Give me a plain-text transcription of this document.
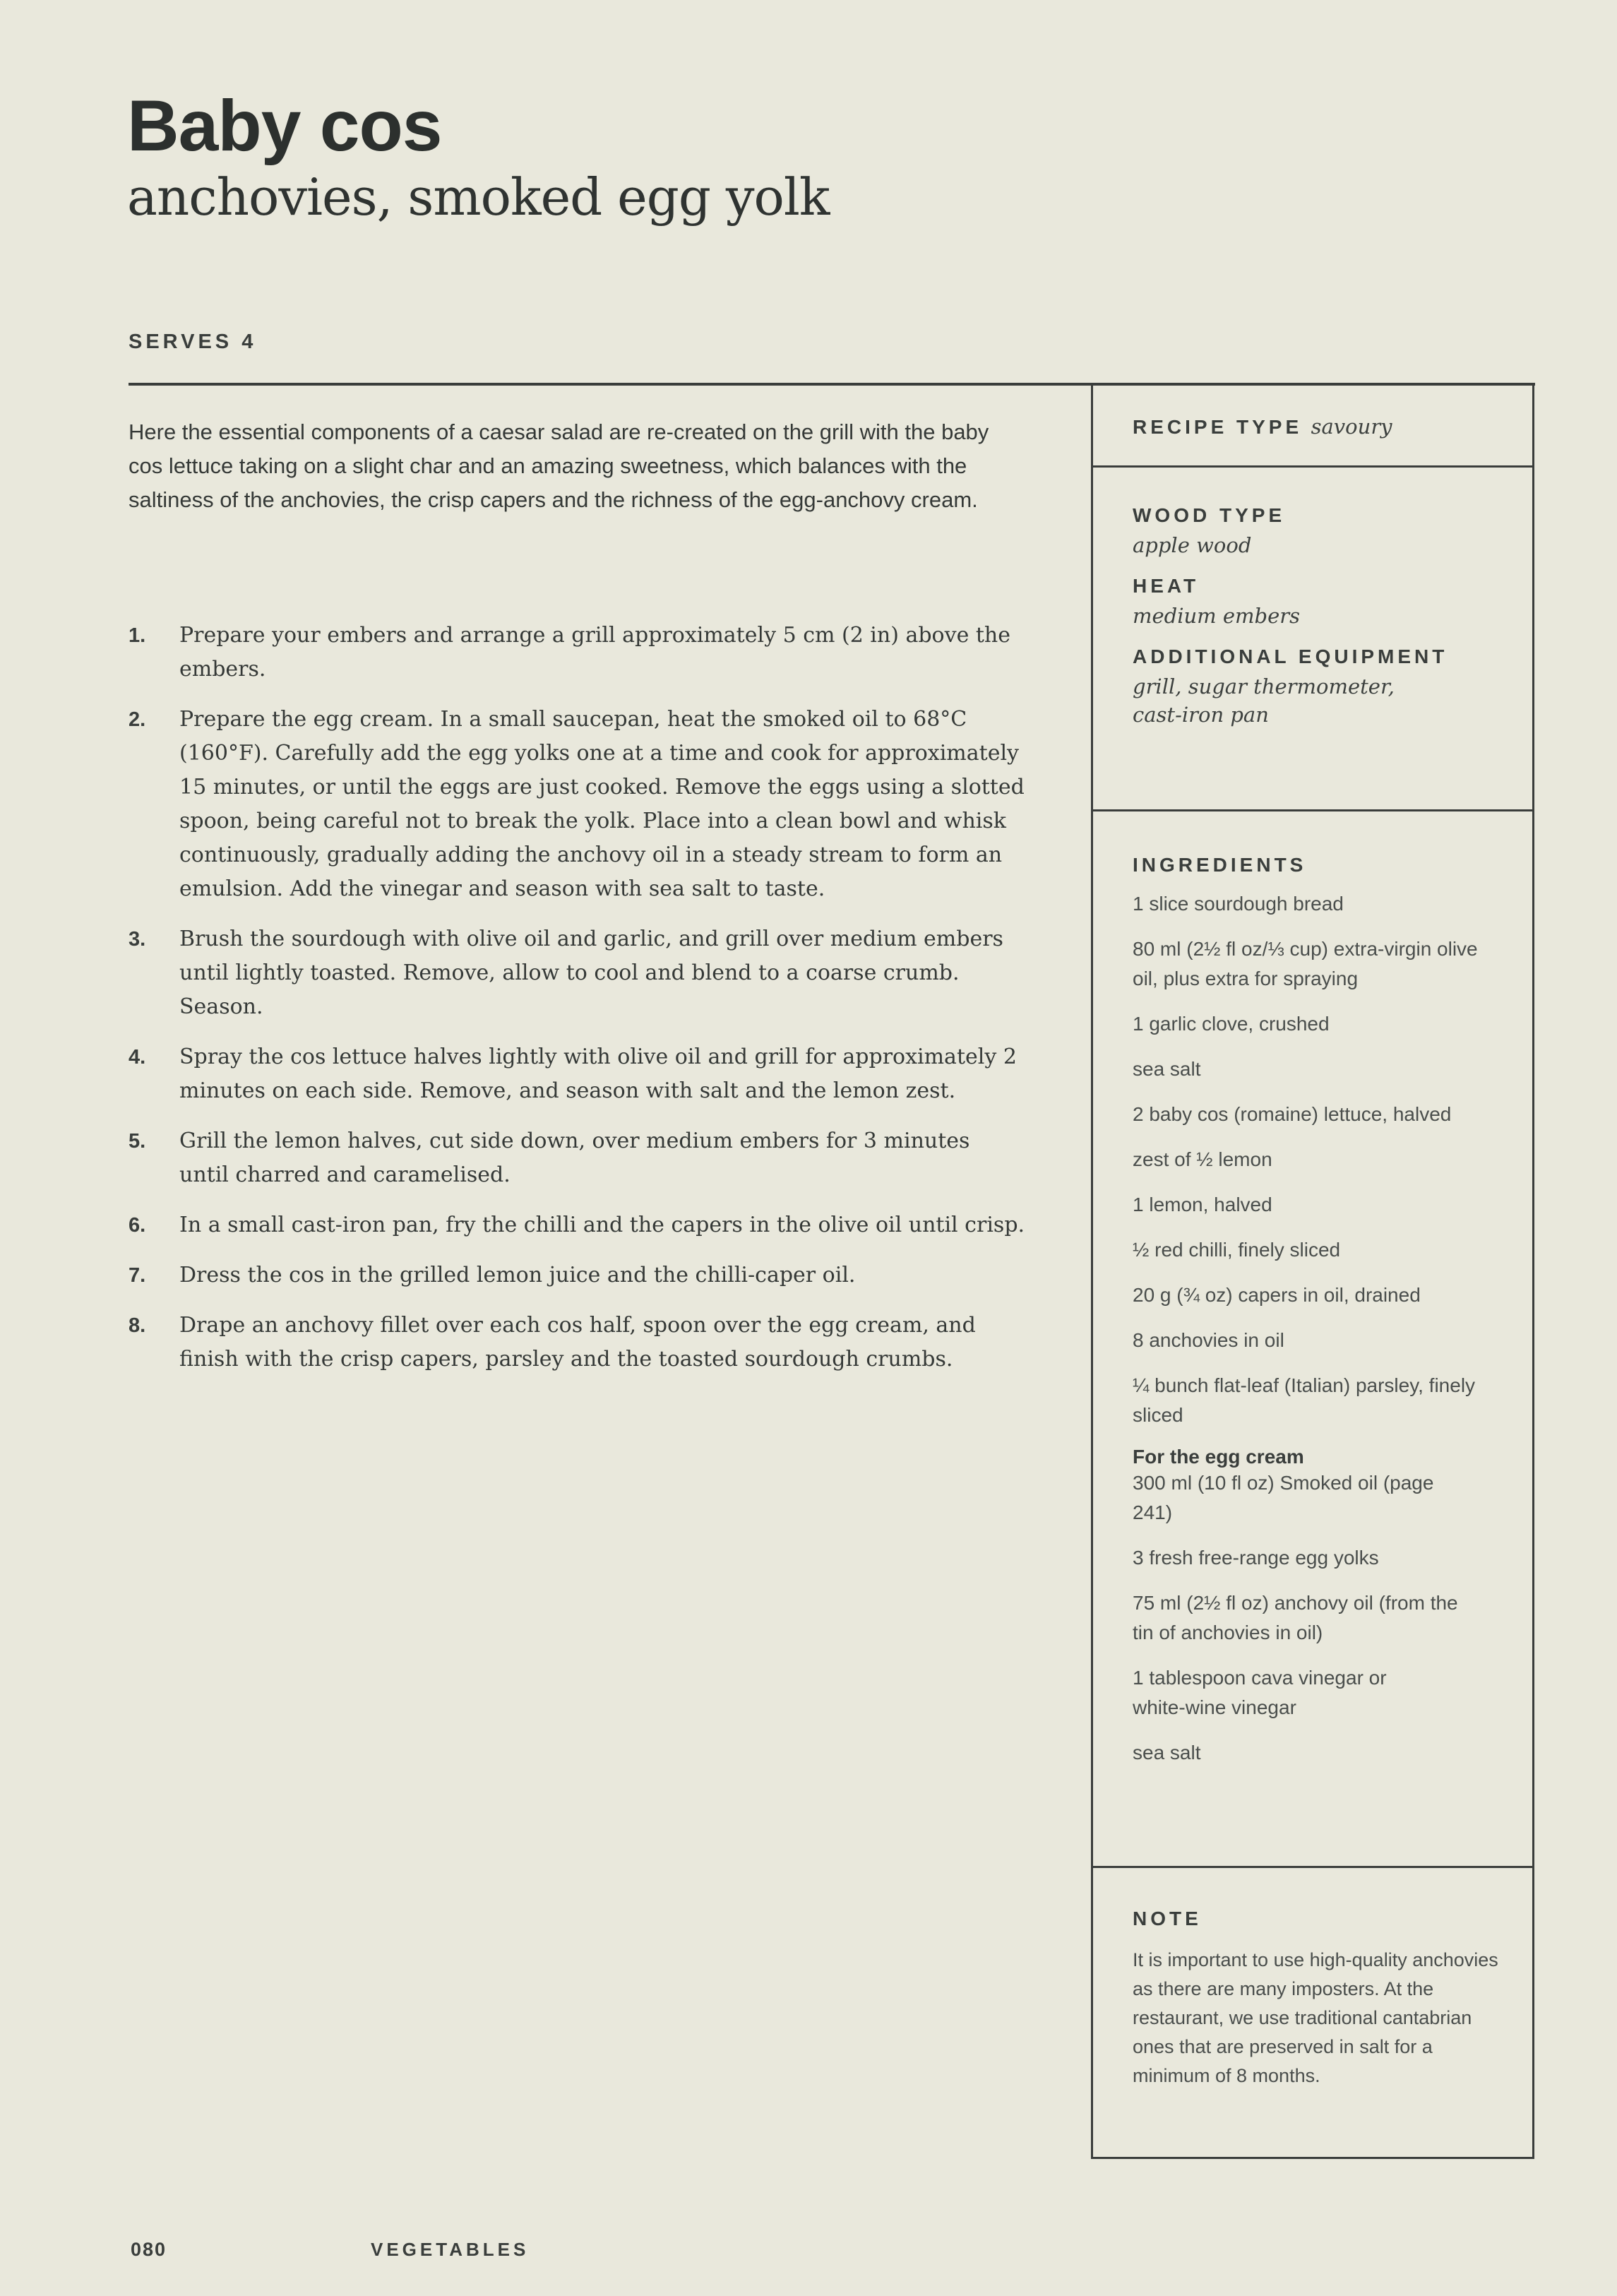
Baby cos
anchovies, smoked egg yolk
SERVES 4
Here the essential components of a caesar salad are re-created on the grill with the baby cos lettuce taking on a slight char and an amazing sweetness, which balances with the saltiness of the anchovies, the crisp capers and the richness of the egg-anchovy cream.
1.	Prepare your embers and arrange a grill approximately 5 cm (2 in) above the embers.
2.	Prepare the egg cream. In a small saucepan, heat the smoked oil to 68°C (160°F). Carefully add the egg yolks one at a time and cook for approximately 15 minutes, or until the eggs are just cooked. Remove the eggs using a slotted spoon, being careful not to break the yolk. Place into a clean bowl and whisk continuously, gradually adding the anchovy oil in a steady stream to form an emulsion. Add the vinegar and season with sea salt to taste.
3.	Brush the sourdough with olive oil and garlic, and grill over medium embers until lightly toasted. Remove, allow to cool and blend to a coarse crumb. Season.
4.	Spray the cos lettuce halves lightly with olive oil and grill for approximately 2 minutes on each side. Remove, and season with salt and the lemon zest.
5.	Grill the lemon halves, cut side down, over medium embers for 3 minutes until charred and caramelised.
6.	In a small cast-iron pan, fry the chilli and the capers in the olive oil until crisp.
7.	Dress the cos in the grilled lemon juice and the chilli-caper oil.
8.	Drape an anchovy fillet over each cos half, spoon over the egg cream, and finish with the crisp capers, parsley and the toasted sourdough crumbs.
RECIPE TYPE savoury
WOOD TYPE
apple wood
HEAT
medium embers
ADDITIONAL EQUIPMENT
grill, sugar thermometer, cast-iron pan
INGREDIENTS
1 slice sourdough bread
80 ml (2½ fl oz/⅓ cup) extra-virgin olive oil, plus extra for spraying
1 garlic clove, crushed
sea salt
2 baby cos (romaine) lettuce, halved
zest of ½ lemon
1 lemon, halved
½ red chilli, finely sliced
20 g (¾ oz) capers in oil, drained
8 anchovies in oil
¼ bunch flat-leaf (Italian) parsley, finely sliced
For the egg cream
300 ml (10 fl oz) Smoked oil (page 241)
3 fresh free-range egg yolks
75 ml (2½ fl oz) anchovy oil (from the tin of anchovies in oil)
1 tablespoon cava vinegar or white-wine vinegar
sea salt
NOTE
It is important to use high-quality anchovies as there are many imposters. At the restaurant, we use traditional cantabrian ones that are preserved in salt for a minimum of 8 months.
080	VEGETABLES
